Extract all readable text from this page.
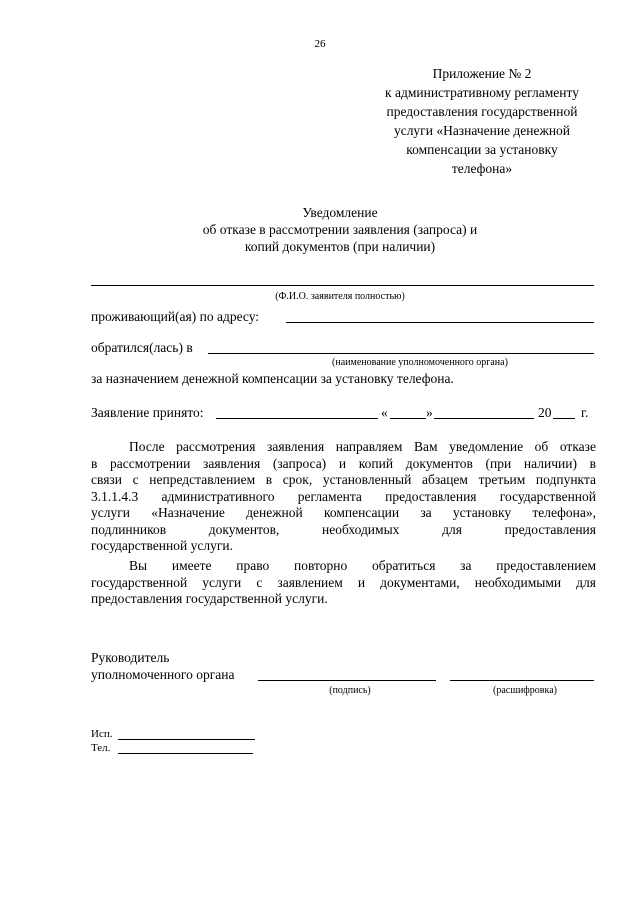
26
Приложение № 2
к административному регламенту
предоставления государственной
услуги «Назначение денежной
компенсации за установку
телефона»
Уведомление
об отказе в рассмотрении заявления (запроса) и
копий документов (при наличии)
(Ф.И.О. заявителя полностью)
проживающий(ая) по адресу:
обратился(лась) в
(наименование уполномоченного органа)
за назначением денежной компенсации за установку телефона.
Заявление принято:	«	»	20 г.

После рассмотрения заявления направляем Вам уведомление об отказе

в рассмотрении заявления (запроса) и копий документов (при наличии) в

связи с непредставлением в срок, установленный абзацем третьим подпункта

3.1.1.4.3 административного регламента предоставления государственной

услуги «Назначение денежной компенсации за установку телефона»,

подлинников документов, необходимых для предоставления

государственной услуги.

Вы имеете право повторно обратиться за предоставлением

государственной услуги с заявлением и документами, необходимыми для

предоставления государственной услуги.

Руководитель
уполномоченного органа
(подпись)	(расшифровка)
Исп.
Тел.
